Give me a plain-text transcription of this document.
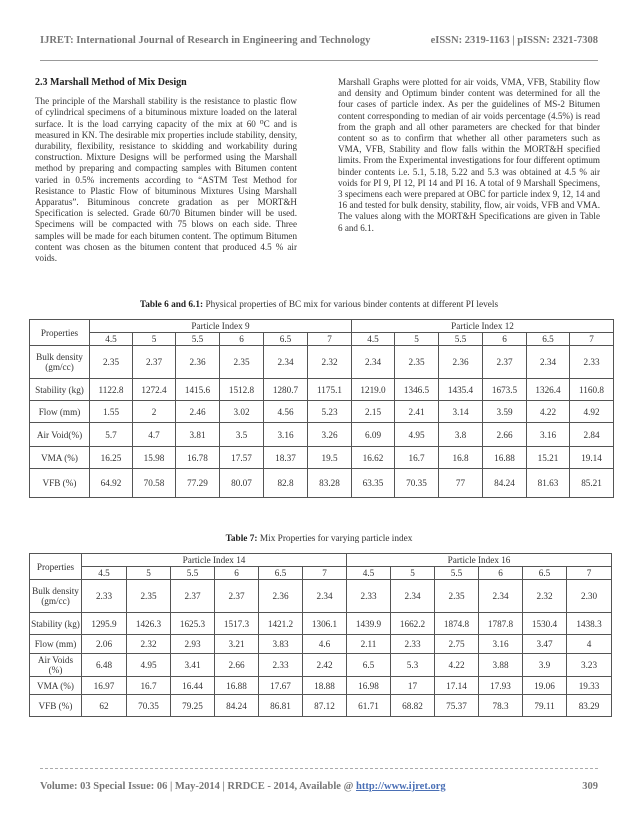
IJRET: International Journal of Research in Engineering and Technology	eISSN: 2319-1163 | pISSN: 2321-7308
2.3 Marshall Method of Mix Design

The principle of the Marshall stability is the resistance to plastic flow of cylindrical specimens of a bituminous mixture loaded on the lateral surface. It is the load carrying capacity of the mix at 60 ⁰C and is measured in KN. The desirable mix properties include stability, density, durability, flexibility, resistance to skidding and workability during construction. Mixture Designs will be performed using the Marshall method by preparing and compacting samples with Bitumen content varied in 0.5% increments according to “ASTM Test Method for Resistance to Plastic Flow of bituminous Mixtures Using Marshall Apparatus”. Bituminous concrete gradation as per MORT&H Specification is selected. Grade 60/70 Bitumen binder will be used. Specimens will be compacted with 75 blows on each side. Three samples will be made for each bitumen content. The optimum Bitumen content was chosen as the bitumen content that produced 4.5 % air voids.

Marshall Graphs were plotted for air voids, VMA, VFB, Stability flow and density and Optimum binder content was determined for all the four cases of particle index. As per the guidelines of MS-2 Bitumen content corresponding to median of air voids percentage (4.5%) is read from the graph and all other parameters are checked for that binder content so as to confirm that whether all other parameters such as VMA, VFB, Stability and flow falls within the MORT&H specified limits. From the Experimental investigations for four different optimum binder contents i.e. 5.1, 5.18, 5.22 and 5.3 was obtained at 4.5 % air voids for PI 9, PI 12, PI 14 and PI 16. A total of 9 Marshall Specimens, 3 specimens each were prepared at OBC for particle index 9, 12, 14 and 16 and tested for bulk density, stability, flow, air voids, VFB and VMA. The values along with the MORT&H Specifications are given in Table 6 and 6.1.

Table 6 and 6.1: Physical properties of BC mix for various binder contents at different PI levels
Properties	Particle Index 9						Particle Index 12					
	4.5	5	5.5	6	6.5	7	4.5	5	5.5	6	6.5	7
Bulk density (gm/cc)	2.35	2.37	2.36	2.35	2.34	2.32	2.34	2.35	2.36	2.37	2.34	2.33
Stability (kg)	1122.8	1272.4	1415.6	1512.8	1280.7	1175.1	1219.0	1346.5	1435.4	1673.5	1326.4	1160.8
Flow (mm)	1.55	2	2.46	3.02	4.56	5.23	2.15	2.41	3.14	3.59	4.22	4.92
Air Void(%)	5.7	4.7	3.81	3.5	3.16	3.26	6.09	4.95	3.8	2.66	3.16	2.84
VMA (%)	16.25	15.98	16.78	17.57	18.37	19.5	16.62	16.7	16.8	16.88	15.21	19.14
VFB (%)	64.92	70.58	77.29	80.07	82.8	83.28	63.35	70.35	77	84.24	81.63	85.21
Table 7: Mix Properties for varying particle index
Properties	Particle Index 14						Particle Index 16					
	4.5	5	5.5	6	6.5	7	4.5	5	5.5	6	6.5	7
Bulk density (gm/cc)	2.33	2.35	2.37	2.37	2.36	2.34	2.33	2.34	2.35	2.34	2.32	2.30
Stability (kg)	1295.9	1426.3	1625.3	1517.3	1421.2	1306.1	1439.9	1662.2	1874.8	1787.8	1530.4	1438.3
Flow (mm)	2.06	2.32	2.93	3.21	3.83	4.6	2.11	2.33	2.75	3.16	3.47	4
Air Voids (%)	6.48	4.95	3.41	2.66	2.33	2.42	6.5	5.3	4.22	3.88	3.9	3.23
VMA (%)	16.97	16.7	16.44	16.88	17.67	18.88	16.98	17	17.14	17.93	19.06	19.33
VFB (%)	62	70.35	79.25	84.24	86.81	87.12	61.71	68.82	75.37	78.3	79.11	83.29
Volume: 03 Special Issue: 06 | May-2014 | RRDCE - 2014, Available @ http://www.ijret.org	309
